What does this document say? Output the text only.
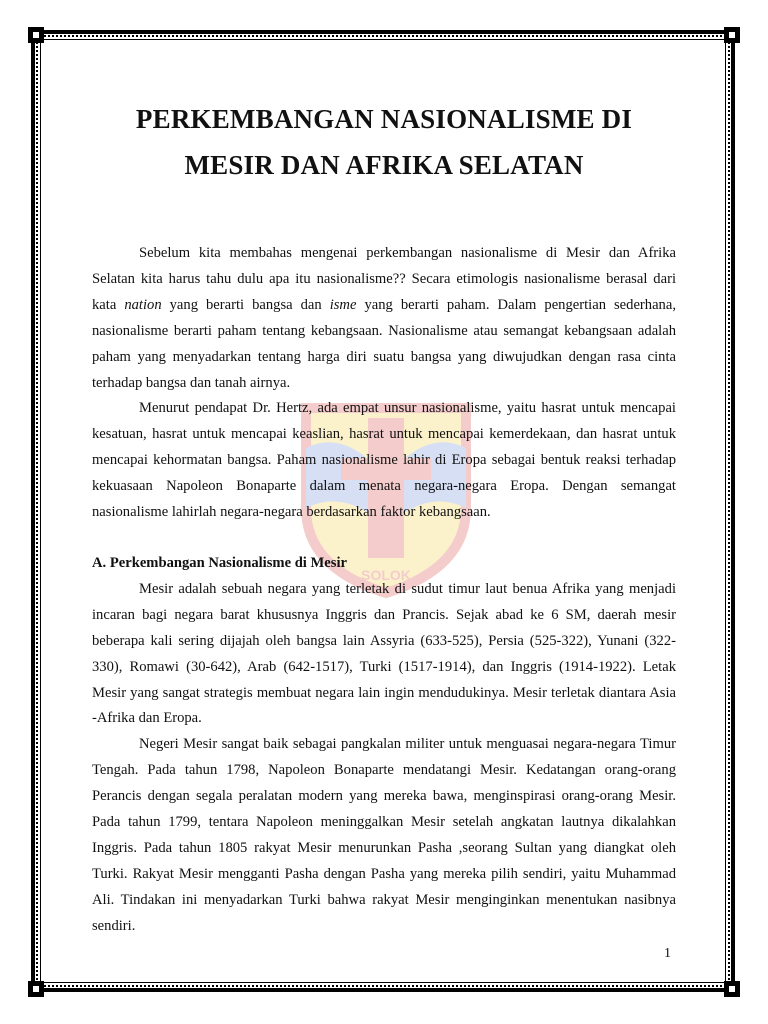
SOLOK
PERKEMBANGAN NASIONALISME DI
MESIR DAN AFRIKA SELATAN

Sebelum kita membahas mengenai perkembangan nasionalisme di Mesir dan Afrika Selatan kita harus tahu dulu apa itu nasionalisme?? Secara etimologis nasionalisme berasal dari kata nation yang berarti bangsa dan isme yang berarti paham. Dalam pengertian sederhana, nasionalisme berarti paham tentang kebangsaan. Nasionalisme atau semangat kebangsaan adalah paham yang menyadarkan tentang harga diri suatu bangsa yang diwujudkan dengan rasa cinta terhadap bangsa dan tanah airnya.

Menurut pendapat Dr. Hertz, ada empat unsur nasionalisme, yaitu hasrat untuk mencapai kesatuan, hasrat untuk mencapai keaslian, hasrat untuk mencapai kemerdekaan, dan hasrat untuk mencapai kehormatan bangsa. Paham nasionalisme lahir di Eropa sebagai bentuk reaksi terhadap kekuasaan Napoleon Bonaparte dalam menata negara-negara Eropa. Dengan semangat nasionalisme lahirlah negara-negara berdasarkan faktor kebangsaan.

A. Perkembangan Nasionalisme di Mesir

Mesir adalah sebuah negara yang terletak di sudut timur laut benua Afrika yang menjadi incaran bagi negara barat khususnya Inggris dan Prancis. Sejak abad ke 6 SM, daerah mesir beberapa kali sering dijajah oleh bangsa lain Assyria (633-525), Persia (525-322), Yunani (322-330), Romawi (30-642), Arab (642-1517), Turki (1517-1914), dan Inggris (1914-1922). Letak Mesir yang sangat strategis membuat negara lain ingin mendudukinya. Mesir terletak diantara Asia -Afrika dan Eropa.

Negeri Mesir sangat baik sebagai pangkalan militer untuk menguasai negara-negara Timur Tengah. Pada tahun 1798, Napoleon Bonaparte mendatangi Mesir. Kedatangan orang-orang Perancis dengan segala peralatan modern yang mereka bawa, menginspirasi orang-orang Mesir. Pada tahun 1799, tentara Napoleon meninggalkan Mesir setelah angkatan lautnya dikalahkan Inggris. Pada tahun 1805 rakyat Mesir menurunkan Pasha ,seorang Sultan yang diangkat oleh Turki. Rakyat Mesir mengganti Pasha dengan Pasha yang mereka pilih sendiri, yaitu Muhammad Ali. Tindakan ini menyadarkan Turki bahwa rakyat Mesir menginginkan menentukan nasibnya sendiri.

1
